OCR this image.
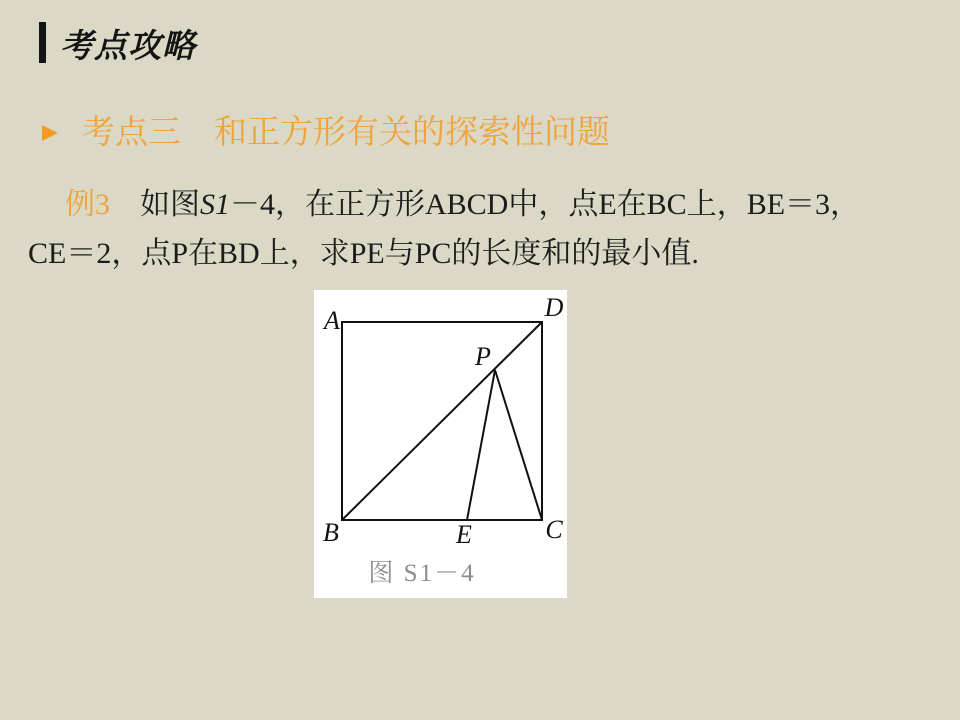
考点攻略
考点三　和正方形有关的探索性问题
例3　如图S1－4，在正方形ABCD中，点E在BC上，BE＝3，
CE＝2，点P在BD上，求PE与PC的长度和的最小值.
A	D
B	C
E
P
图 S1－4
